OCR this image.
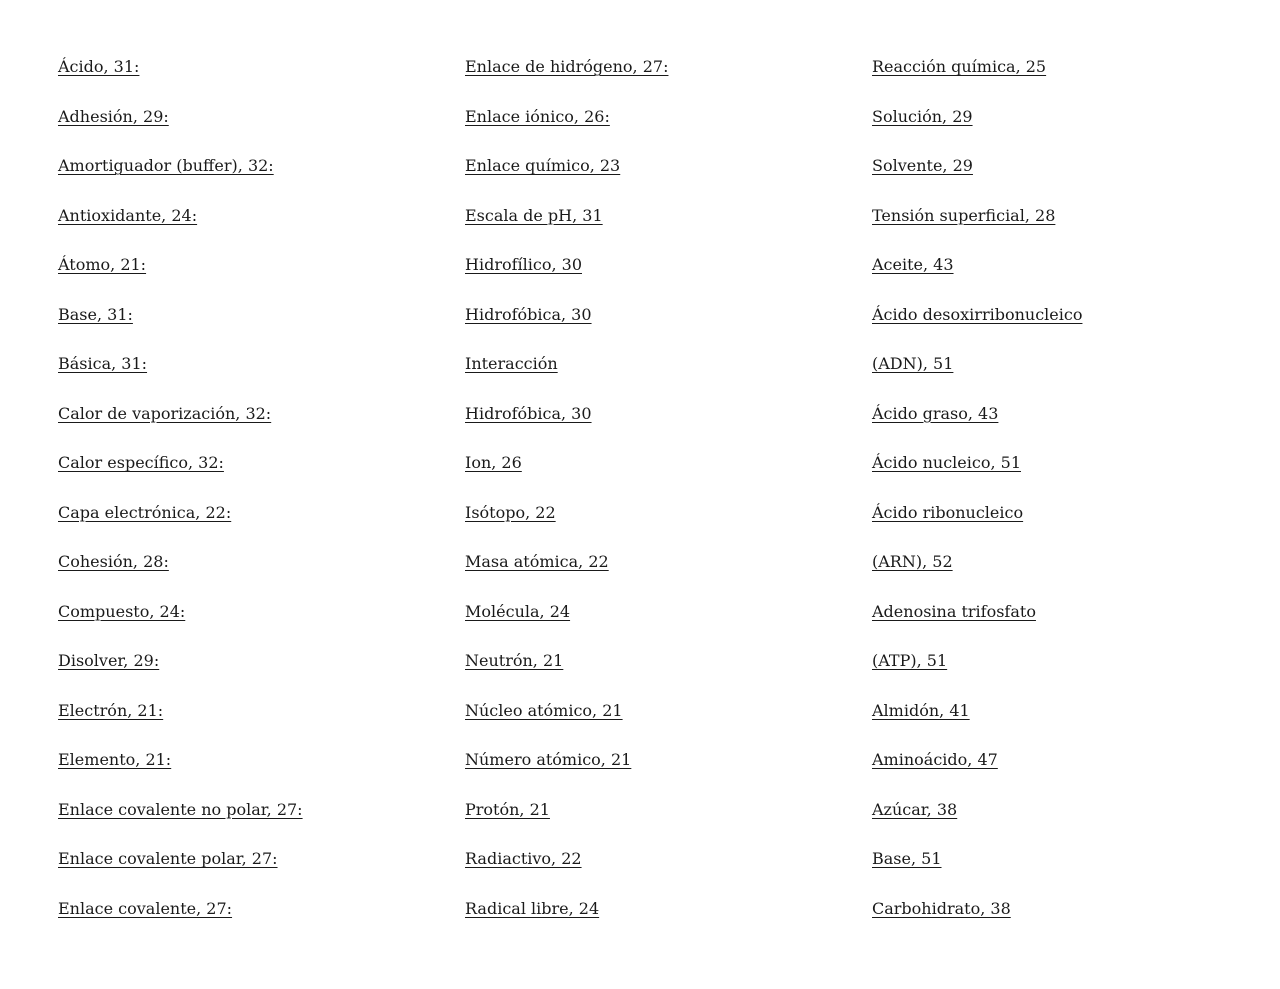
Ácido, 31:
Adhesión, 29:
Amortiguador (buffer), 32:
Antioxidante, 24:
Átomo, 21:
Base, 31:
Básica, 31:
Calor de vaporización, 32:
Calor específico, 32:
Capa electrónica, 22:
Cohesión, 28:
Compuesto, 24:
Disolver, 29:
Electrón, 21:
Elemento, 21:
Enlace covalente no polar, 27:
Enlace covalente polar, 27:
Enlace covalente, 27:
Enlace de hidrógeno, 27:
Enlace iónico, 26:
Enlace químico, 23
Escala de pH, 31
Hidrofílico, 30
Hidrofóbica, 30
Interacción
Hidrofóbica, 30
Ion, 26
Isótopo, 22
Masa atómica, 22
Molécula, 24
Neutrón, 21
Núcleo atómico, 21
Número atómico, 21
Protón, 21
Radiactivo, 22
Radical libre, 24
Reacción química, 25
Solución, 29
Solvente, 29
Tensión superficial, 28
Aceite, 43
Ácido desoxirribonucleico
(ADN), 51
Ácido graso, 43
Ácido nucleico, 51
Ácido ribonucleico
(ARN), 52
Adenosina trifosfato
(ATP), 51
Almidón, 41
Aminoácido, 47
Azúcar, 38
Base, 51
Carbohidrato, 38
